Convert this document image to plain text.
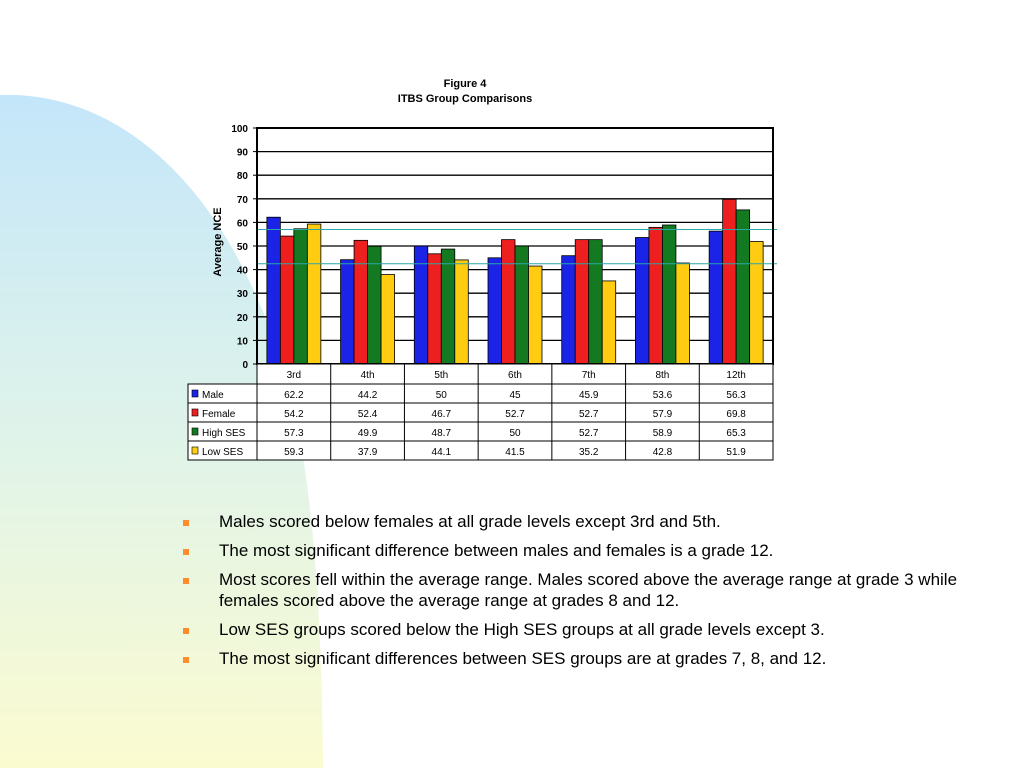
Figure 4
ITBS Group Comparisons
Average NCE
0
10
20
30
40
50
60
70
80
90
100
3rd	4th	5th	6th	7th	8th	12th
Male	62.2	44.2	50	45	45.9	53.6	56.3
Female	54.2	52.4	46.7	52.7	52.7	57.9	69.8
High SES	57.3	49.9	48.7	50	52.7	58.9	65.3
Low SES	59.3	37.9	44.1	41.5	35.2	42.8	51.9
Males scored below females at all grade levels except 3rd and 5th.
The most significant difference between males and females is a grade 12.
Most scores fell within the average range. Males scored above the average range at grade 3 while females scored above the average range at grades 8 and 12.
Low SES groups scored below the High SES groups at all grade levels except 3.
The most significant differences between SES groups are at grades 7, 8, and 12.
